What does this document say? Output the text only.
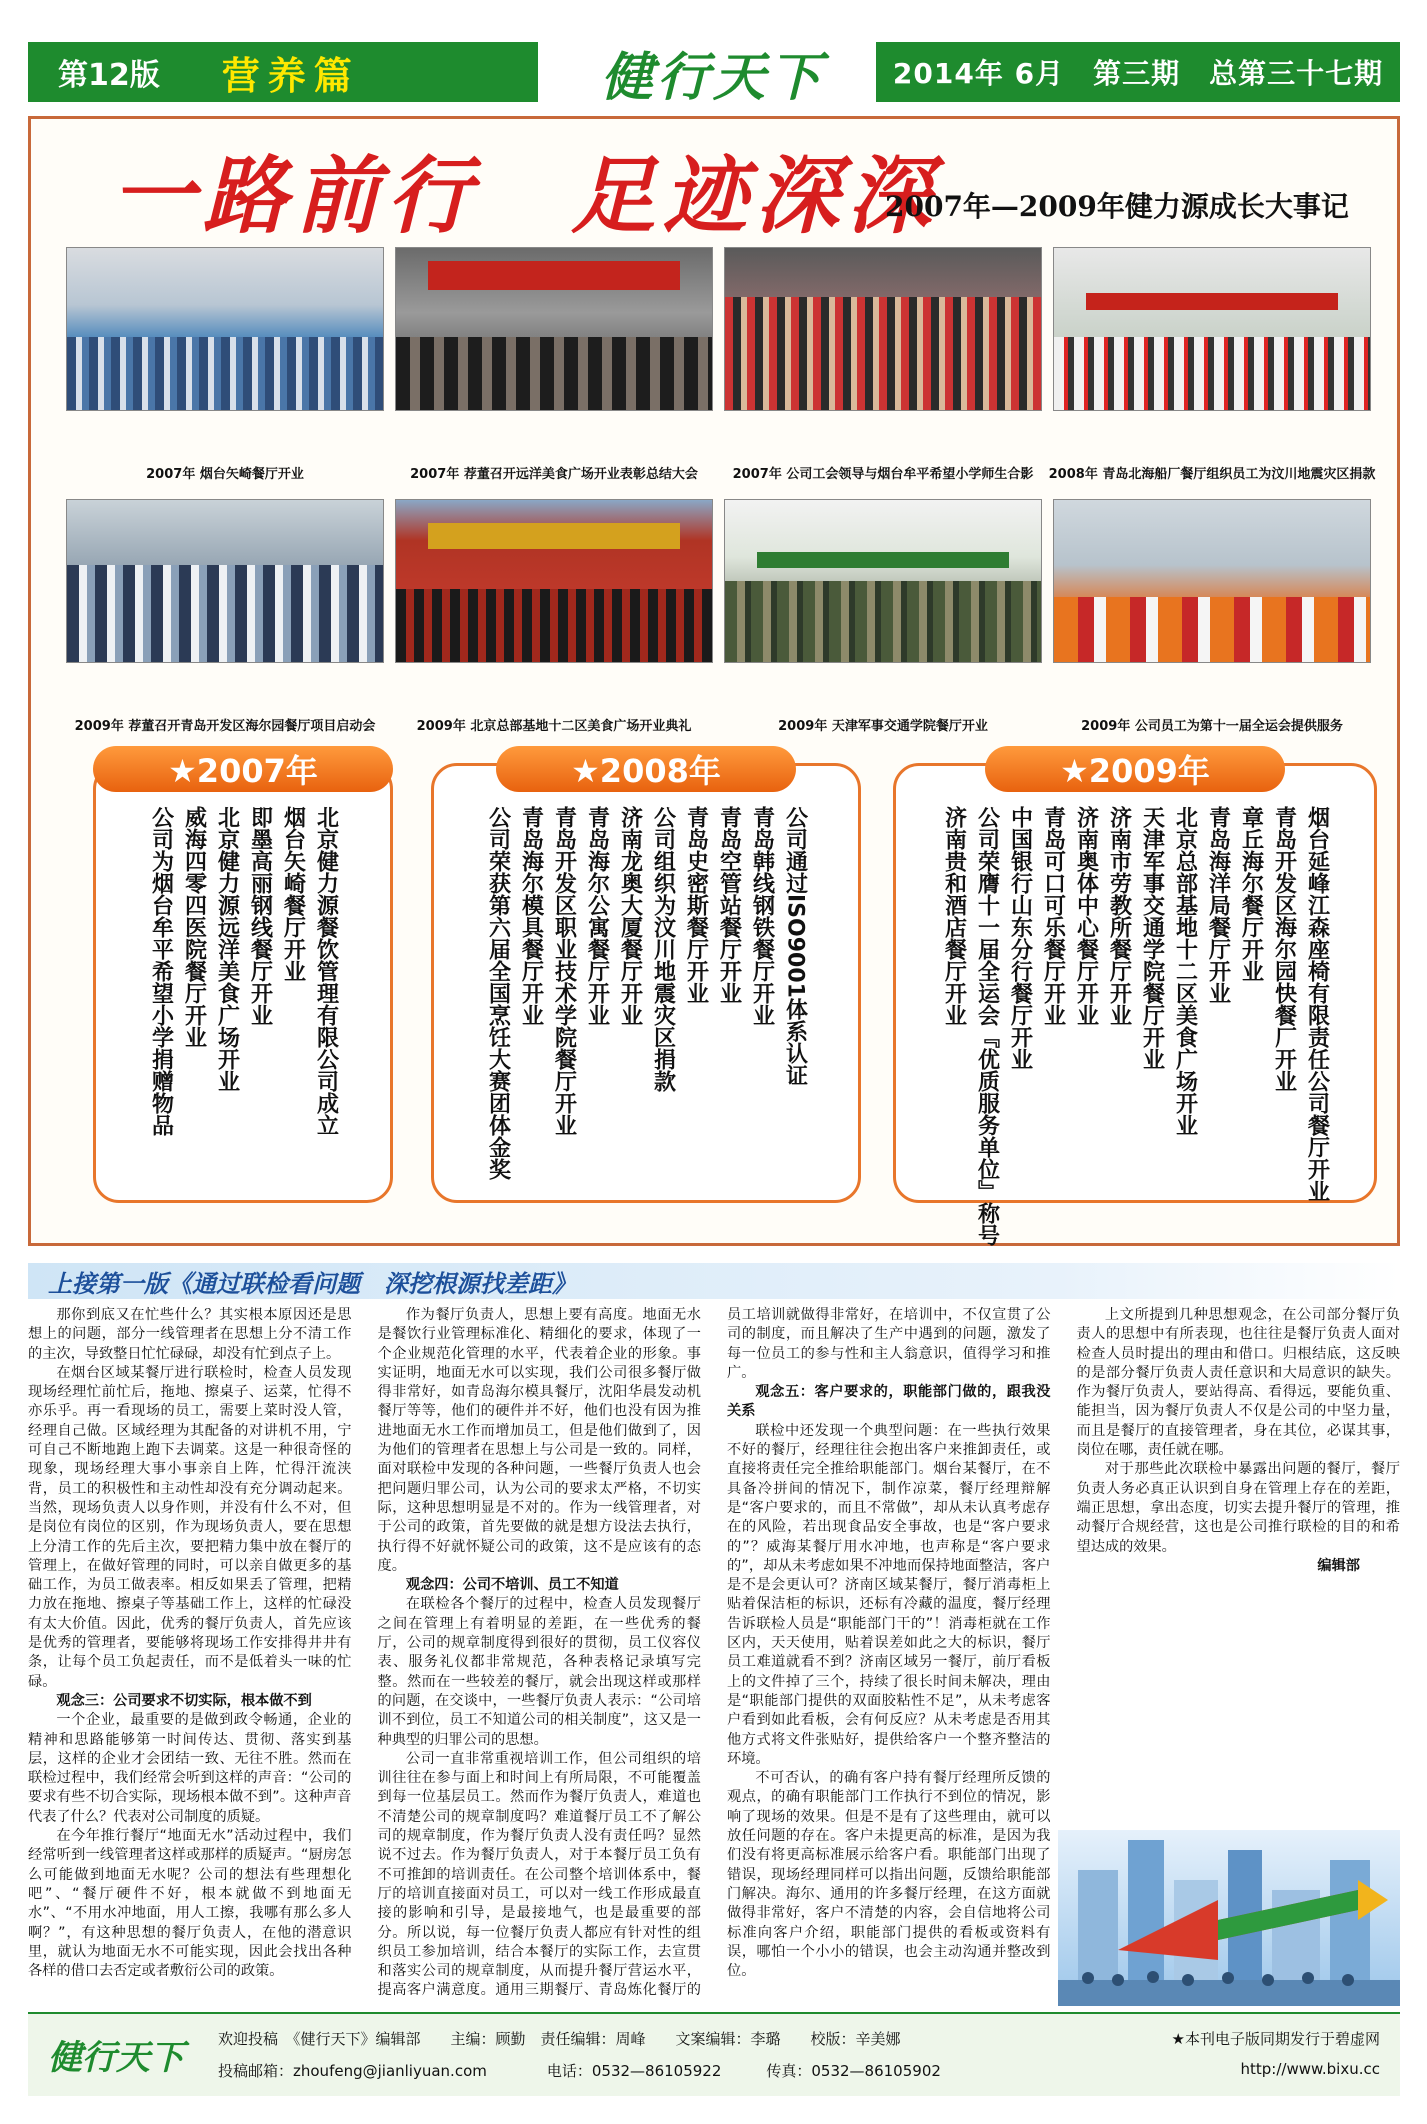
第12版 营养篇	健行天下	2014年 6月　第三期　总第三十七期
一路前行　足迹深深
2007年—2009年健力源成长大事记
2007年 烟台矢崎餐厅开业	2007年 荐董召开远洋美食广场开业表彰总结大会	2007年 公司工会领导与烟台牟平希望小学师生合影	2008年 青岛北海船厂餐厅组织员工为汶川地震灾区捐款
2009年 荐董召开青岛开发区海尔园餐厅项目启动会	2009年 北京总部基地十二区美食广场开业典礼	2009年 天津军事交通学院餐厅开业	2009年 公司员工为第十一届全运会提供服务
★2007年
北京健力源餐饮管理有限公司成立
烟台矢崎餐厅开业
即墨高丽钢线餐厅开业
北京健力源远洋美食广场开业
威海四零四医院餐厅开业
公司为烟台牟平希望小学捐赠物品
★2008年
公司通过ISO9001体系认证
青岛韩线钢铁餐厅开业
青岛空管站餐厅开业
青岛史密斯餐厅开业
公司组织为汶川地震灾区捐款
济南龙奥大厦餐厅开业
青岛海尔公寓餐厅开业
青岛开发区职业技术学院餐厅开业
青岛海尔模具餐厅开业
公司荣获第六届全国烹饪大赛团体金奖
★2009年
烟台延峰江森座椅有限责任公司餐厅开业
青岛开发区海尔园快餐厂开业
章丘海尔餐厅开业
青岛海洋局餐厅开业
北京总部基地十二区美食广场开业
天津军事交通学院餐厅开业
济南市劳教所餐厅开业
济南奥体中心餐厅开业
青岛可口可乐餐厅开业
中国银行山东分行餐厅开业
公司荣膺十一届全运会『优质服务单位』称号
济南贵和酒店餐厅开业
上接第一版《通过联检看问题　深挖根源找差距》

那你到底又在忙些什么？其实根本原因还是思想上的问题，部分一线管理者在思想上分不清工作的主次，导致整日忙忙碌碌，却没有忙到点子上。

在烟台区域某餐厅进行联检时，检查人员发现现场经理忙前忙后，拖地、擦桌子、运菜，忙得不亦乐乎。再一看现场的员工，需要上菜时没人管，经理自己做。区域经理为其配备的对讲机不用，宁可自己不断地跑上跑下去调菜。这是一种很奇怪的现象，现场经理大事小事亲自上阵，忙得汗流浃背，员工的积极性和主动性却没有充分调动起来。当然，现场负责人以身作则，并没有什么不对，但是岗位有岗位的区别，作为现场负责人，要在思想上分清工作的先后主次，要把精力集中放在餐厅的管理上，在做好管理的同时，可以亲自做更多的基础工作，为员工做表率。相反如果丢了管理，把精力放在拖地、擦桌子等基础工作上，这样的忙碌没有太大价值。因此，优秀的餐厅负责人，首先应该是优秀的管理者，要能够将现场工作安排得井井有条，让每个员工负起责任，而不是低着头一味的忙碌。

观念三：公司要求不切实际，根本做不到

一个企业，最重要的是做到政令畅通，企业的精神和思路能够第一时间传达、贯彻、落实到基层，这样的企业才会团结一致、无往不胜。然而在联检过程中，我们经常会听到这样的声音：“公司的要求有些不切合实际，现场根本做不到”。这种声音代表了什么？代表对公司制度的质疑。

在今年推行餐厅“地面无水”活动过程中，我们经常听到一线管理者这样或那样的质疑声。“厨房怎么可能做到地面无水呢？公司的想法有些理想化吧”、“餐厅硬件不好，根本就做不到地面无水”、“不用水冲地面，用人工擦，我哪有那么多人啊？”，有这种思想的餐厅负责人，在他的潜意识里，就认为地面无水不可能实现，因此会找出各种各样的借口去否定或者敷衍公司的政策。

作为餐厅负责人，思想上要有高度。地面无水是餐饮行业管理标准化、精细化的要求，体现了一个企业规范化管理的水平，代表着企业的形象。事实证明，地面无水可以实现，我们公司很多餐厅做得非常好，如青岛海尔模具餐厅，沈阳华晨发动机餐厅等等，他们的硬件并不好，他们也没有因为推进地面无水工作而增加员工，但是他们做到了，因为他们的管理者在思想上与公司是一致的。同样，面对联检中发现的各种问题，一些餐厅负责人也会把问题归罪公司，认为公司的要求太严格，不切实际，这种思想明显是不对的。作为一线管理者，对于公司的政策，首先要做的就是想方设法去执行，执行得不好就怀疑公司的政策，这不是应该有的态度。

观念四：公司不培训、员工不知道

在联检各个餐厅的过程中，检查人员发现餐厅之间在管理上有着明显的差距，在一些优秀的餐厅，公司的规章制度得到很好的贯彻，员工仪容仪表、服务礼仪都非常规范，各种表格记录填写完整。然而在一些较差的餐厅，就会出现这样或那样的问题，在交谈中，一些餐厅负责人表示：“公司培训不到位，员工不知道公司的相关制度”，这又是一种典型的归罪公司的思想。

公司一直非常重视培训工作，但公司组织的培训往往在参与面上和时间上有所局限，不可能覆盖到每一位基层员工。然而作为餐厅负责人，难道也不清楚公司的规章制度吗？难道餐厅员工不了解公司的规章制度，作为餐厅负责人没有责任吗？显然说不过去。作为餐厅负责人，对于本餐厅员工负有不可推卸的培训责任。在公司整个培训体系中，餐厅的培训直接面对员工，可以对一线工作形成最直接的影响和引导，是最接地气，也是最重要的部分。所以说，每一位餐厅负责人都应有针对性的组织员工参加培训，结合本餐厅的实际工作，去宣贯和落实公司的规章制度，从而提升餐厅营运水平，提高客户满意度。通用三期餐厅、青岛炼化餐厅的员工培训就做得非常好，在培训中，不仅宣贯了公司的制度，而且解决了生产中遇到的问题，激发了每一位员工的参与性和主人翁意识，值得学习和推广。

观念五：客户要求的，职能部门做的，跟我没关系

联检中还发现一个典型问题：在一些执行效果不好的餐厅，经理往往会抱出客户来推卸责任，或直接将责任完全推给职能部门。烟台某餐厅，在不具备冷拼间的情况下，制作凉菜，餐厅经理辩解是“客户要求的，而且不常做”，却从未认真考虑存在的风险，若出现食品安全事故，也是“客户要求的”？威海某餐厅用水冲地，也声称是“客户要求的”，却从未考虑如果不冲地而保持地面整洁，客户是不是会更认可？济南区域某餐厅，餐厅消毒柜上贴着保洁柜的标识，还标有冷藏的温度，餐厅经理告诉联检人员是“职能部门干的”！消毒柜就在工作区内，天天使用，贴着误差如此之大的标识，餐厅员工难道就看不到？济南区域另一餐厅，前厅看板上的文件掉了三个，持续了很长时间未解决，理由是“职能部门提供的双面胶粘性不足”，从未考虑客户看到如此看板，会有何反应？从未考虑是否用其他方式将文件张贴好，提供给客户一个整齐整洁的环境。

不可否认，的确有客户持有餐厅经理所反馈的观点，的确有职能部门工作执行不到位的情况，影响了现场的效果。但是不是有了这些理由，就可以放任问题的存在。客户未提更高的标准，是因为我们没有将更高标准展示给客户看。职能部门出现了错误，现场经理同样可以指出问题，反馈给职能部门解决。海尔、通用的许多餐厅经理，在这方面就做得非常好，客户不清楚的内容，会自信地将公司标准向客户介绍，职能部门提供的看板或资料有误，哪怕一个小小的错误，也会主动沟通并整改到位。

上文所提到几种思想观念，在公司部分餐厅负责人的思想中有所表现，也往往是餐厅负责人面对检查人员时提出的理由和借口。归根结底，这反映的是部分餐厅负责人责任意识和大局意识的缺失。作为餐厅负责人，要站得高、看得远，要能负重、能担当，因为餐厅负责人不仅是公司的中坚力量，而且是餐厅的直接管理者，身在其位，必谋其事，岗位在哪，责任就在哪。

对于那些此次联检中暴露出问题的餐厅，餐厅负责人务必真正认识到自身在管理上存在的差距，端正思想，拿出态度，切实去提升餐厅的管理，推动餐厅合规经营，这也是公司推行联检的目的和希望达成的效果。

编辑部

健行天下 欢迎投稿　《健行天下》编辑部　　主编：顾勤　责任编辑：周峰　　文案编辑：李璐　　校版：辛美娜
投稿邮箱：zhoufeng@jianliyuan.com　　　　电话：0532—86105922　　　传真：0532—86105902
★本刊电子版同期发行于碧虚网
http://www.bixu.cc
